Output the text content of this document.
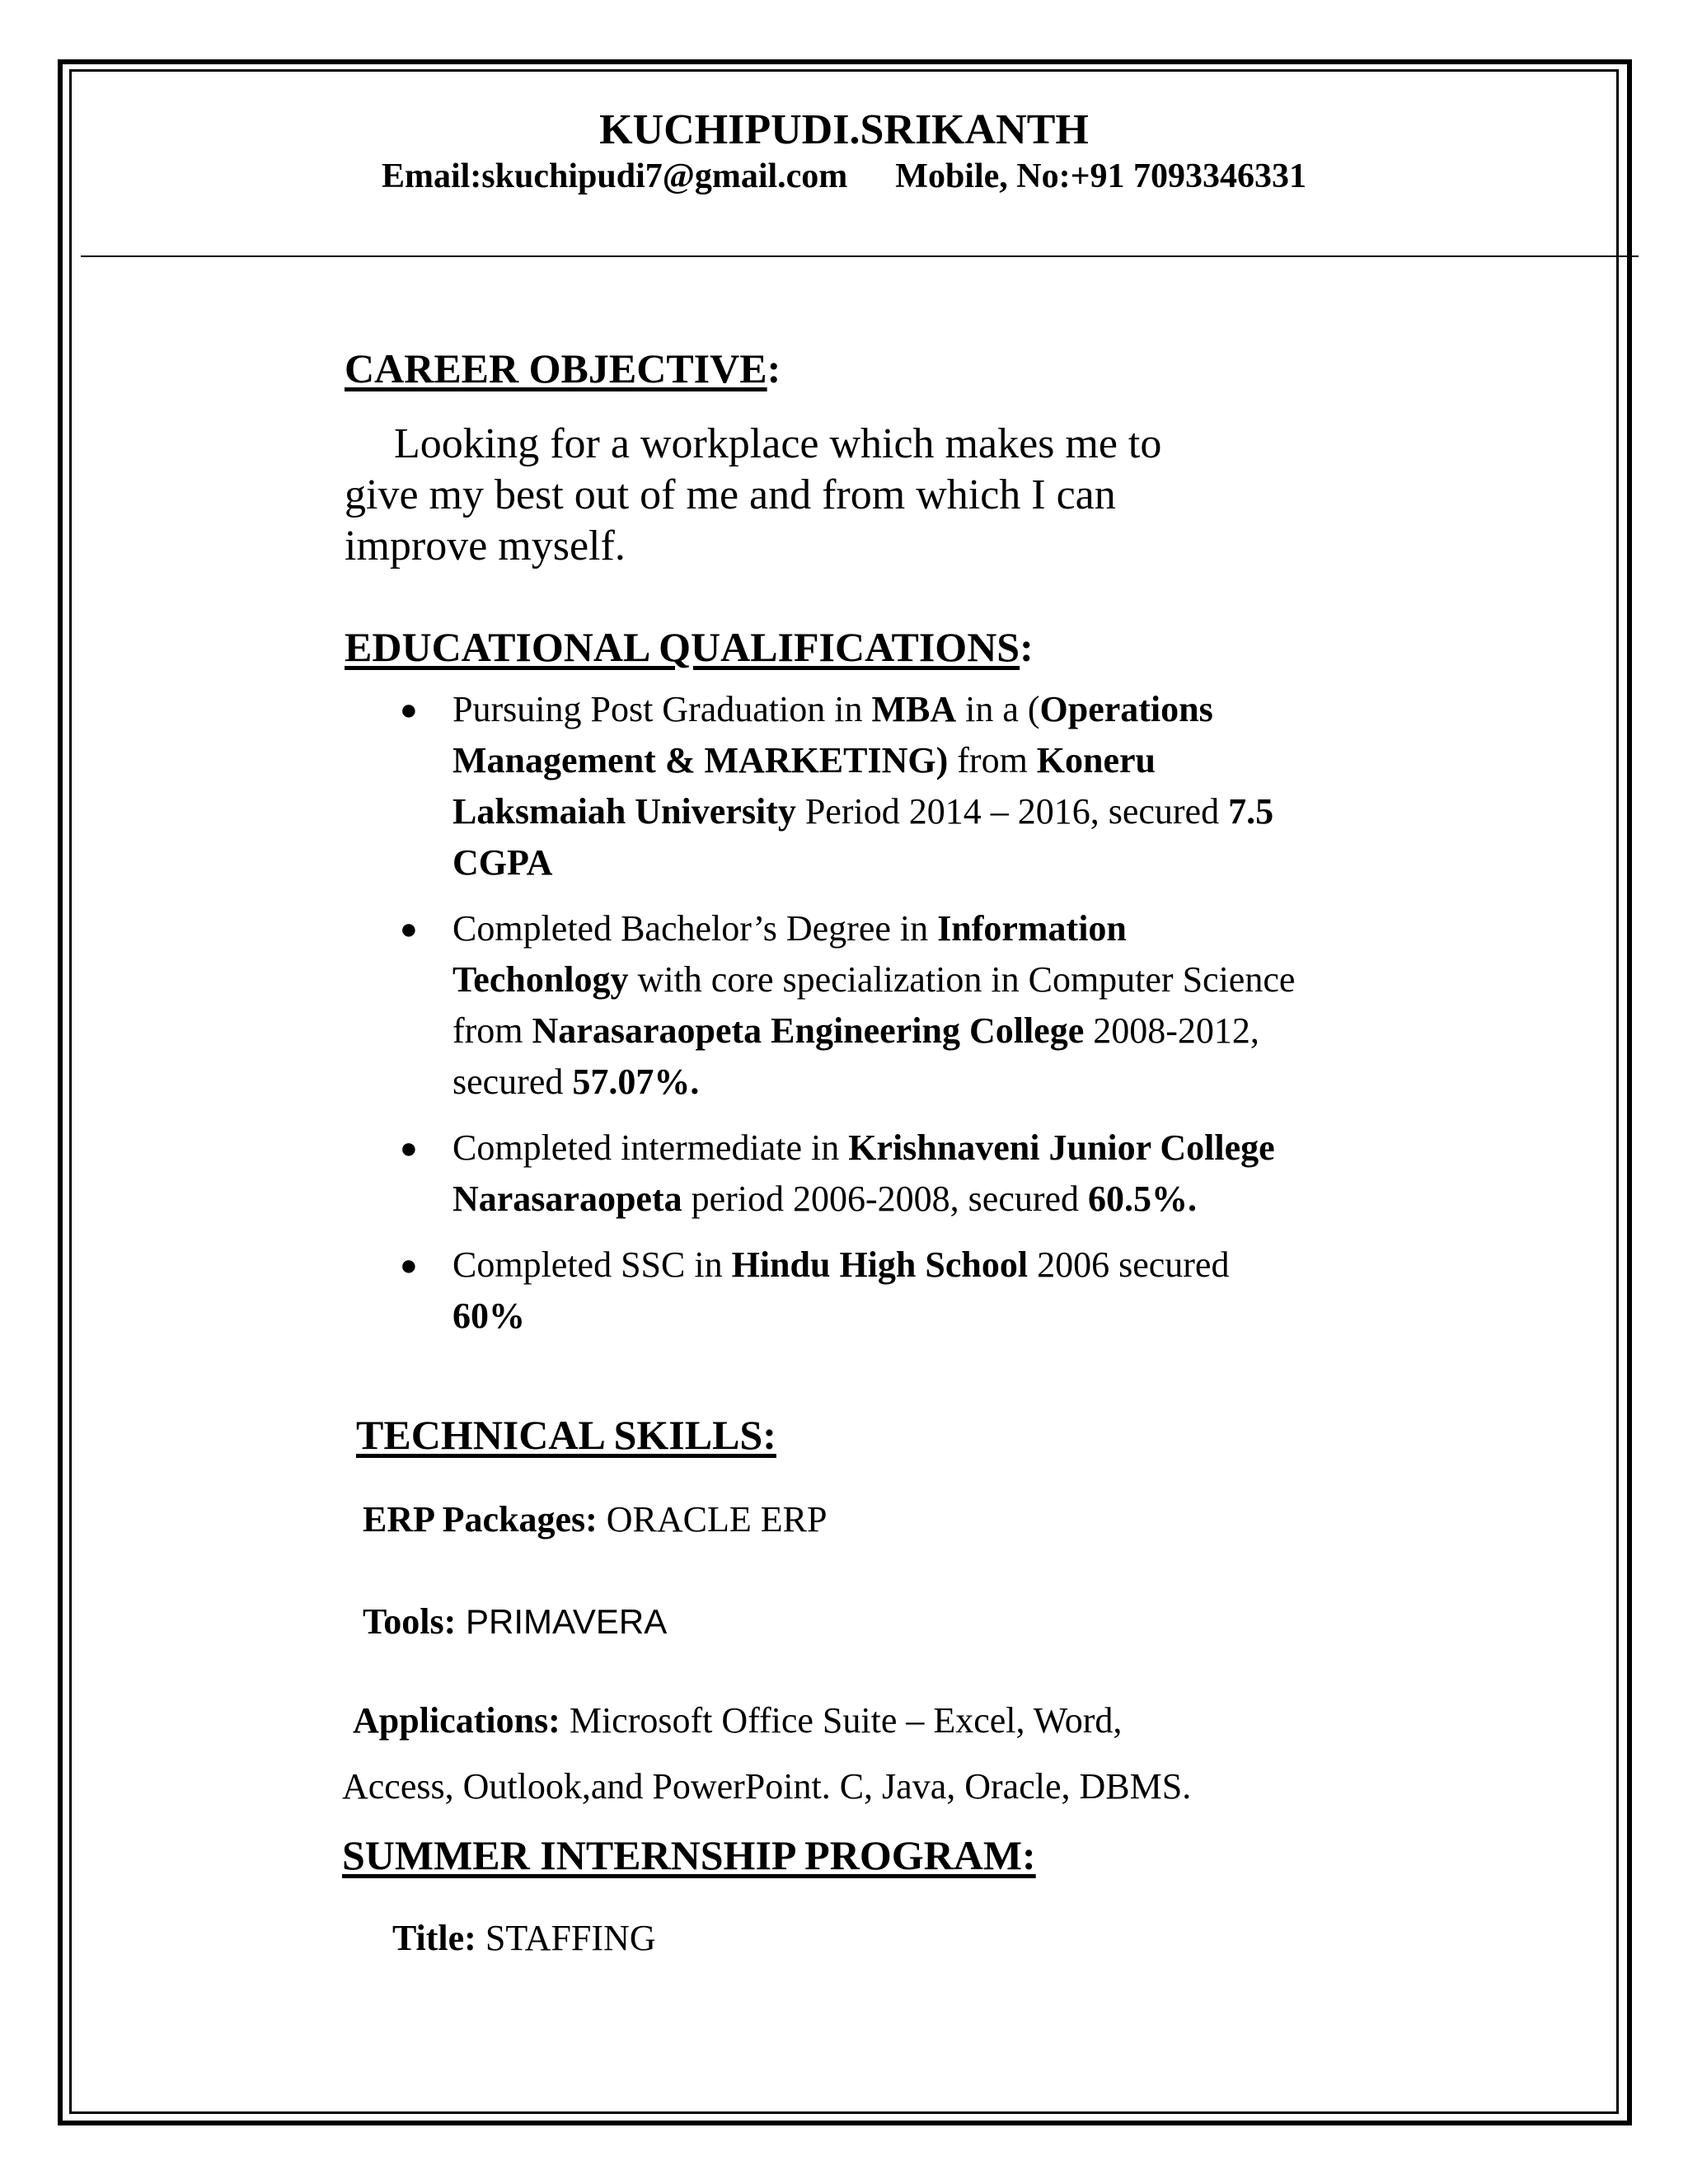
KUCHIPUDI.SRIKANTH
Email:skuchipudi7@gmail.com Mobile, No:+91 7093346331
CAREER OBJECTIVE:
Looking for a workplace which makes me to
give my best out of me and from which I can
improve myself.
EDUCATIONAL QUALIFICATIONS:
● Pursuing Post Graduation in MBA in a (Operations Management & MARKETING) from Koneru Laksmaiah University Period 2014 – 2016, secured 7.5 CGPA
● Completed Bachelor’s Degree in Information Techonlogy with core specialization in Computer Science from Narasaraopeta Engineering College 2008-2012, secured 57.07%.
● Completed intermediate in Krishnaveni Junior College Narasaraopeta period 2006-2008, secured 60.5%.
● Completed SSC in Hindu High School 2006 secured 60%
TECHNICAL SKILLS:
ERP Packages: ORACLE ERP
Tools: PRIMAVERA
Applications: Microsoft Office Suite – Excel, Word,
Access, Outlook,and PowerPoint. C, Java, Oracle, DBMS.
SUMMER INTERNSHIP PROGRAM:
Title: STAFFING
